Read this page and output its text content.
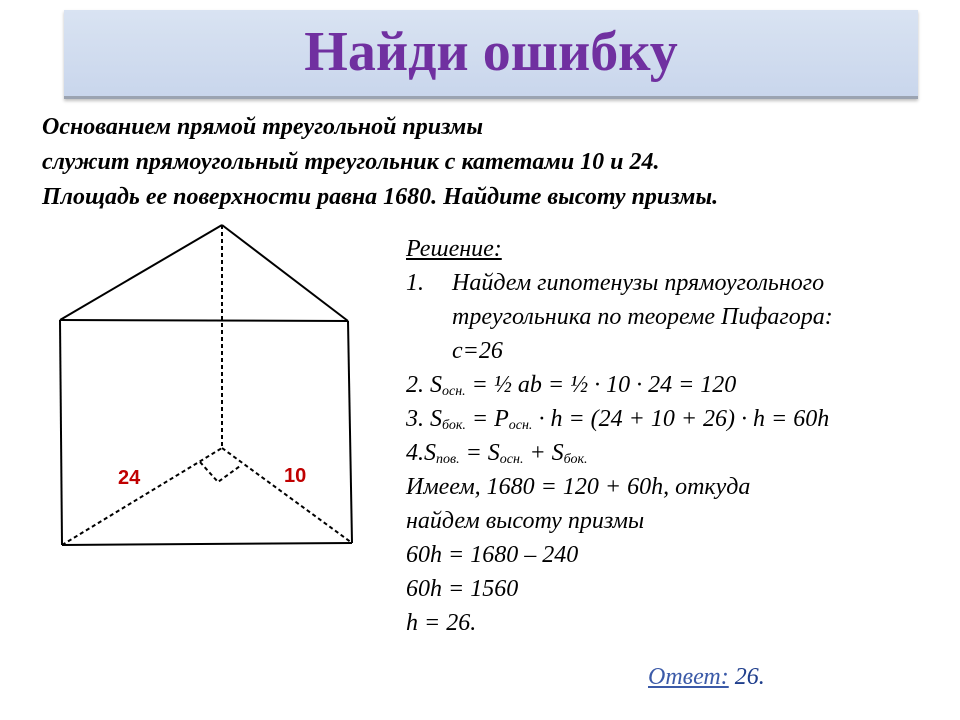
Найди ошибку
Основанием прямой треугольной призмы
служит прямоугольный треугольник с катетами 10 и 24.
Площадь ее поверхности равна 1680. Найдите высоту призмы.
24	10
Решение:
1. Найдем гипотенузы прямоугольного
треугольника по теореме Пифагора:
c=26
2. $S_{осн.}$ = ½ ab = ½ · 10 · 24 = 120
3. $S_{бок.} = P_{осн.} \cdot h = (24 + 10 + 26) \cdot h = 60h$
$4.S_{пов.} = S_{осн.} + S_{бок.}$
Имеем, 1680 = 120 + 60h, откуда
найдем высоту призмы
60h = 1680 – 240
60h = 1560
h = 26.
Ответ: 26.
